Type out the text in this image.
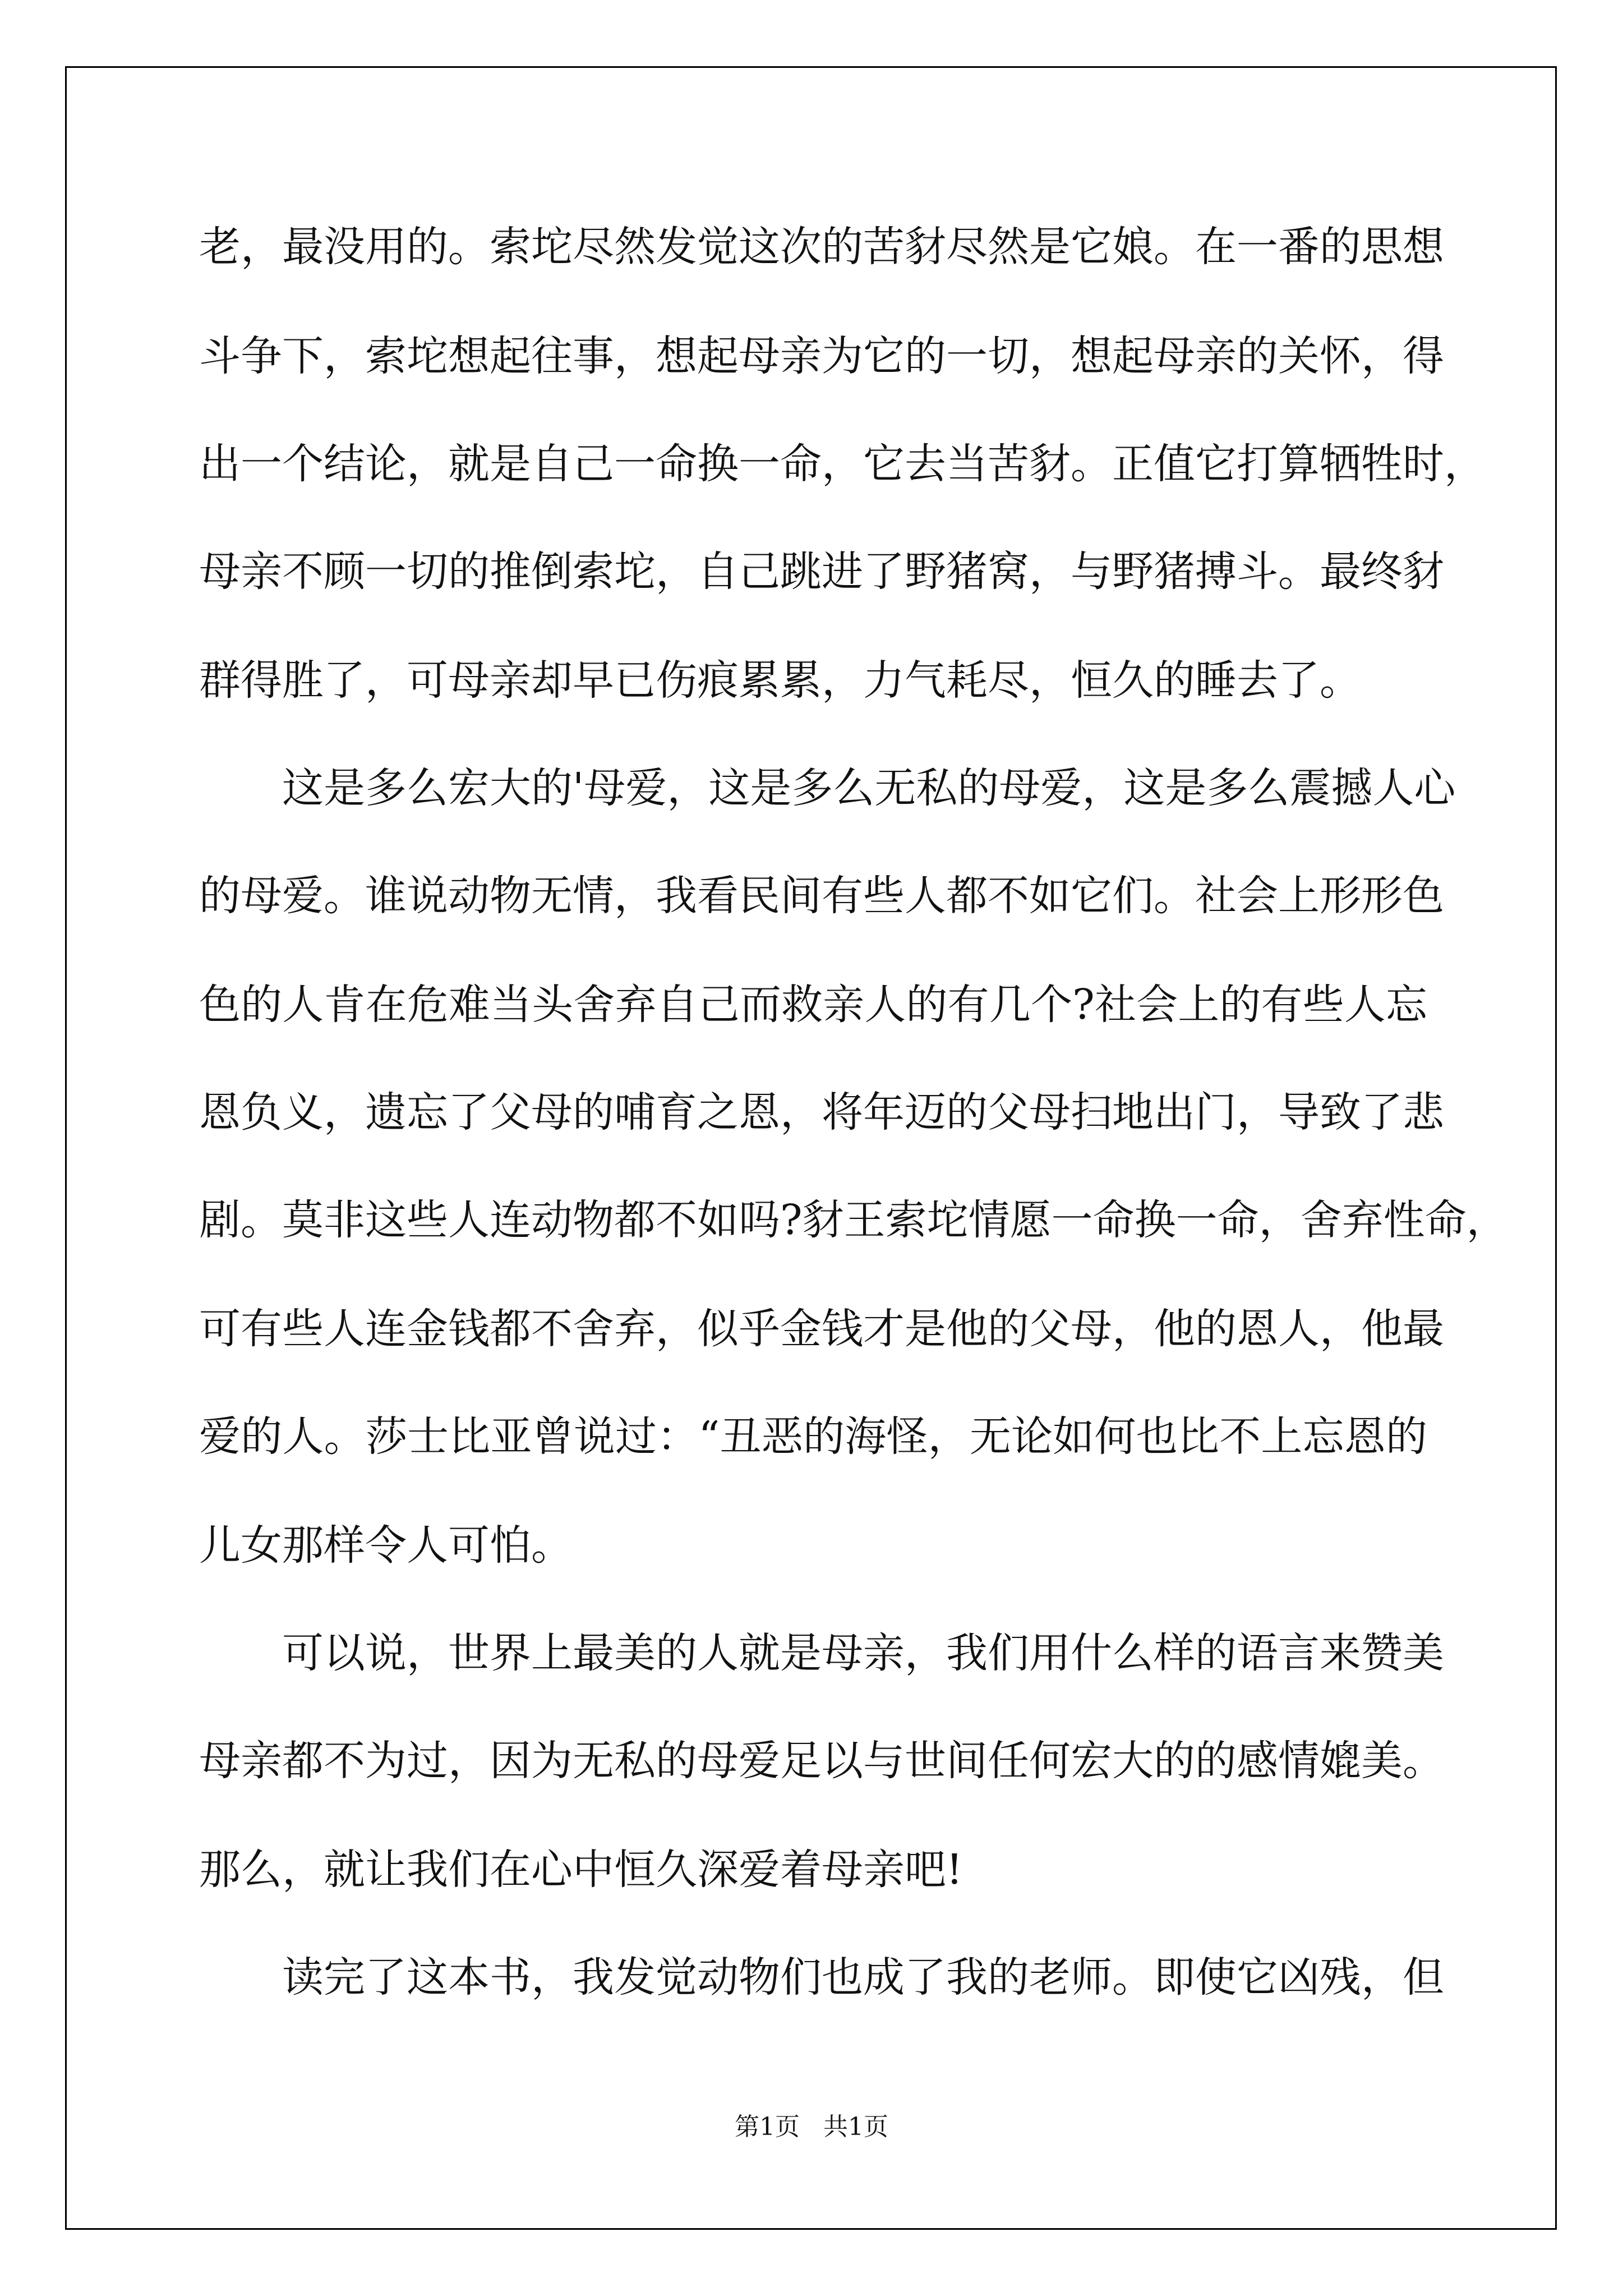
老，最没用的。索坨尽然发觉这次的苦豺尽然是它娘。在一番的思想
斗争下，索坨想起往事，想起母亲为它的一切，想起母亲的关怀，得
出一个结论，就是自己一命换一命，它去当苦豺。正值它打算牺牲时，
母亲不顾一切的推倒索坨，自己跳进了野猪窝，与野猪搏斗。最终豺
群得胜了，可母亲却早已伤痕累累，力气耗尽，恒久的睡去了。
这是多么宏大的'母爱，这是多么无私的母爱，这是多么震撼人心
的母爱。谁说动物无情，我看民间有些人都不如它们。社会上形形色
色的人肯在危难当头舍弃自己而救亲人的有几个?社会上的有些人忘
恩负义，遗忘了父母的哺育之恩，将年迈的父母扫地出门，导致了悲
剧。莫非这些人连动物都不如吗?豺王索坨情愿一命换一命，舍弃性命，
可有些人连金钱都不舍弃，似乎金钱才是他的父母，他的恩人，他最
爱的人。莎士比亚曾说过：“丑恶的海怪，无论如何也比不上忘恩的
儿女那样令人可怕。
可以说，世界上最美的人就是母亲，我们用什么样的语言来赞美
母亲都不为过，因为无私的母爱足以与世间任何宏大的的感情媲美。
那么，就让我们在心中恒久深爱着母亲吧!
读完了这本书，我发觉动物们也成了我的老师。即使它凶残，但
第1页   共1页
